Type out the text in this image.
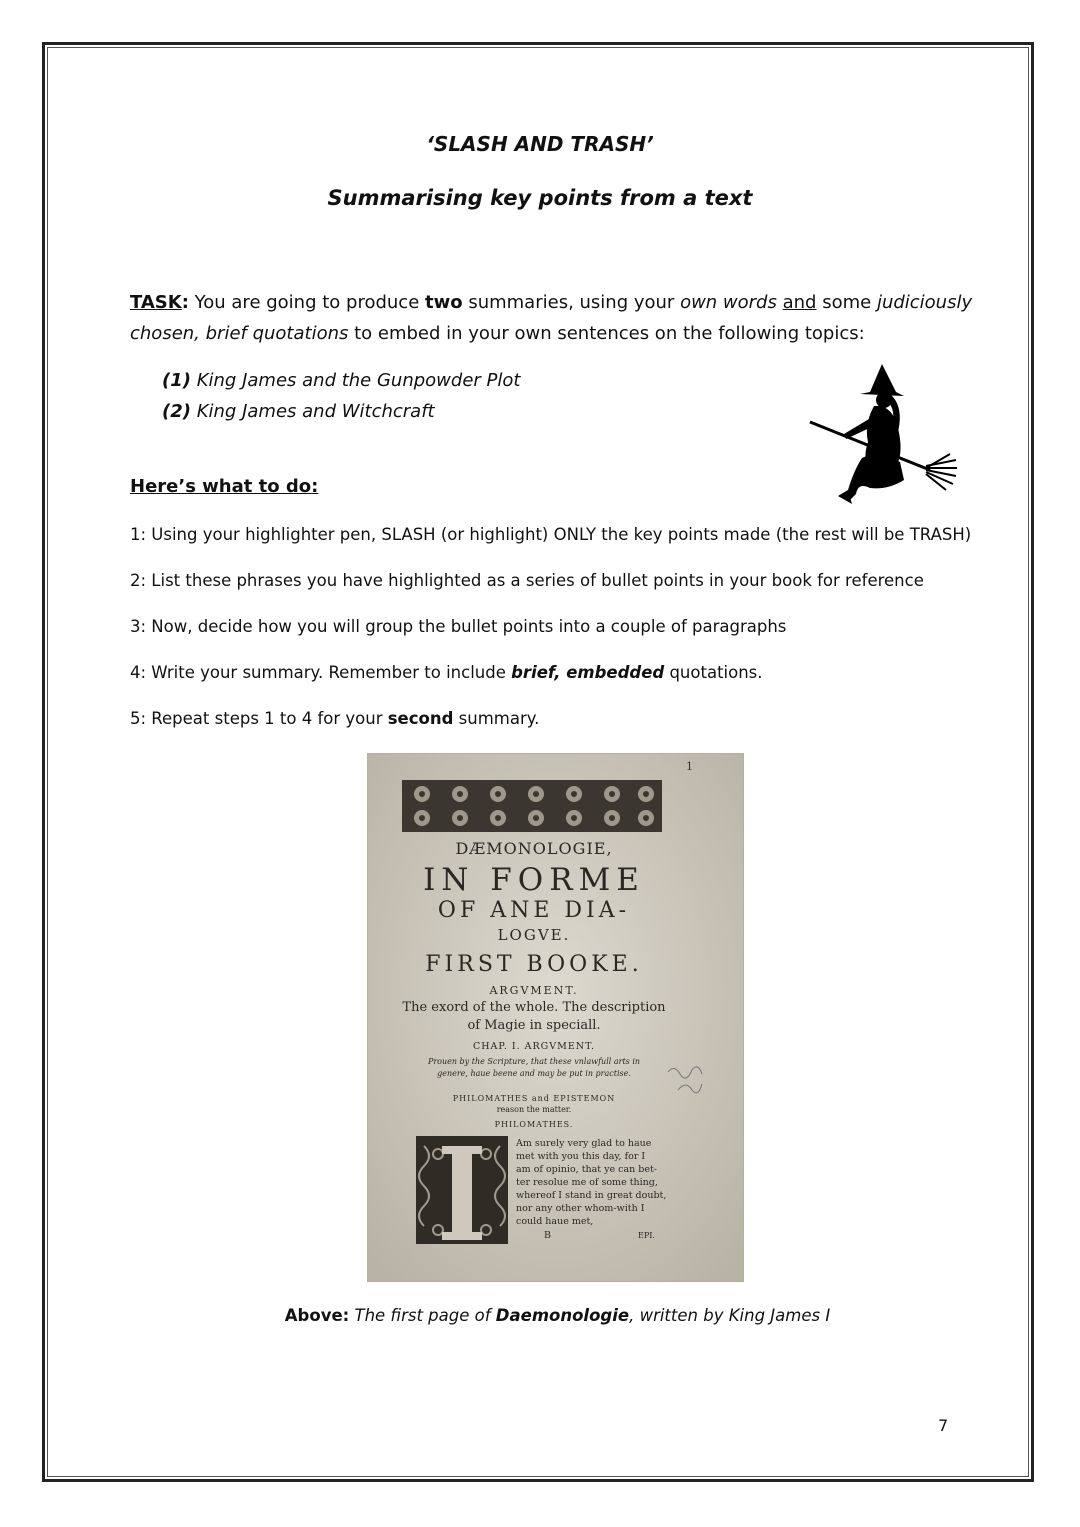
‘SLASH AND TRASH’
Summarising key points from a text
TASK: You are going to produce two summaries, using your own words and some judiciously chosen, brief quotations to embed in your own sentences on the following topics:
(1) King James and the Gunpowder Plot
(2) King James and Witchcraft
Here’s what to do:
1: Using your highlighter pen, SLASH (or highlight) ONLY the key points made (the rest will be TRASH)
2: List these phrases you have highlighted as a series of bullet points in your book for reference
3: Now, decide how you will group the bullet points into a couple of paragraphs
4: Write your summary. Remember to include brief, embedded quotations.
5: Repeat steps 1 to 4 for your second summary.
1
DÆMONOLOGIE,
IN FORME
OF ANE DIA-
LOGVE.
FIRST BOOKE.
ARGVMENT.
The exord of the whole. The description
of Magie in speciall.
CHAP. I. ARGVMENT.
Prouen by the Scripture, that these vnlawfull arts in
genere, haue beene and may be put in practise.
PHILOMATHES and EPISTEMON
reason the matter.
PHILOMATHES.
Am surely very glad to haue
met with you this day, for I
am of opinio, that ye can bet-
ter resolue me of some thing,
whereof I stand in great doubt,
nor any other whom-with I
could haue met,
B	EPI.
Above: The first page of Daemonologie, written by King James I
7
